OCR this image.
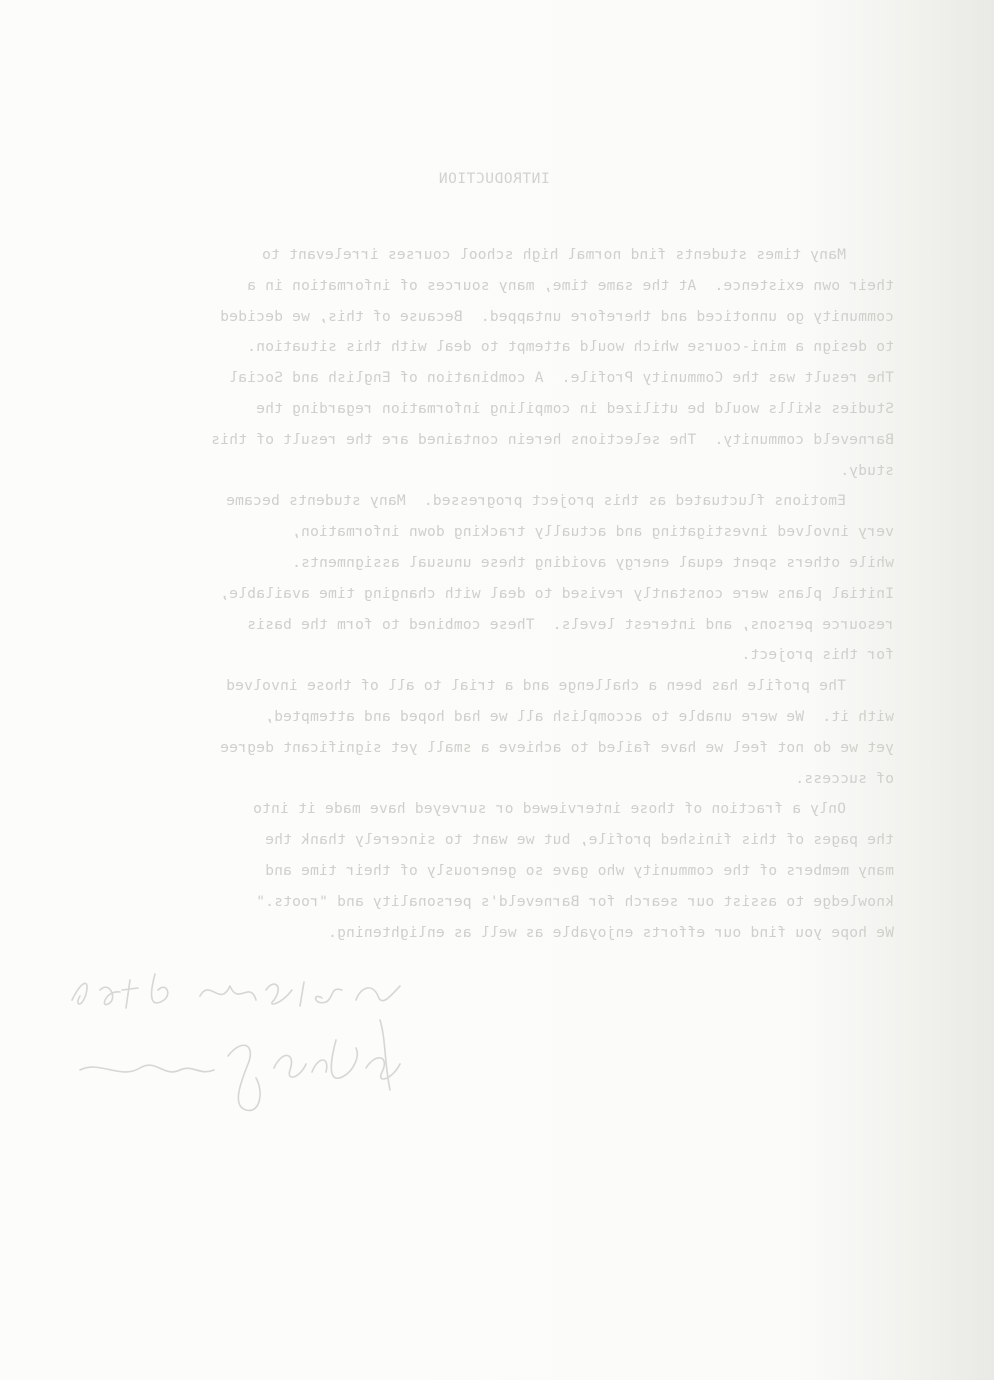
INTRODUCTION

Many times students find normal high school courses irrelevant to
their own existence.  At the same time, many sources of information in a
community go unnoticed and therefore untapped.  Because of this, we decided
to design a mini-course which would attempt to deal with this situation.
The result was the Community Profile.  A combination of English and Social
Studies skills would be utilized in compiling information regarding the
Barneveld community.  The selections herein contained are the result of this
study.

Emotions fluctuated as this project progressed.  Many students became
very involved investigating and actually tracking down information,
while others spent equal energy avoiding these unusual assignments.
Initial plans were constantly revised to deal with changing time available,
resource persons, and interest levels.  These combined to form the basis
for this project.

The profile has been a challenge and a trial to all of those involved
with it.  We were unable to accomplish all we had hoped and attempted,
yet we do not feel we have failed to achieve a small yet significant degree
of success.

Only a fraction of those interviewed or surveyed have made it into
the pages of this finished profile, but we want to sincerely thank the
many members of the community who gave so generously of their time and
knowledge to assist our search for Barneveld's personality and "roots."
We hope you find our efforts enjoyable as well as enlightening.
